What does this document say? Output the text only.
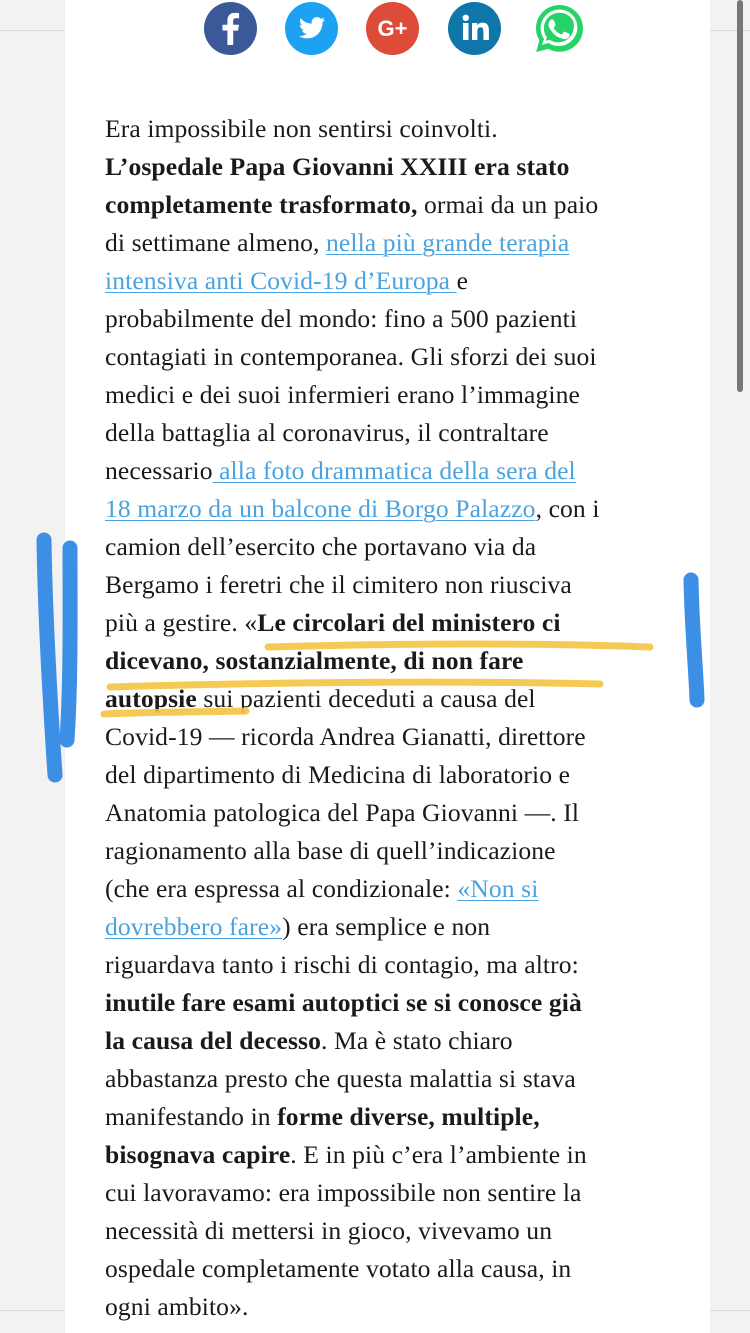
G+

Era impossibile non sentirsi coinvolti.
L’ospedale Papa Giovanni XXIII era stato
completamente trasformato, ormai da un paio
di settimane almeno, nella più grande terapia
intensiva anti Covid-19 d’Europa e
probabilmente del mondo: fino a 500 pazienti
contagiati in contemporanea. Gli sforzi dei suoi
medici e dei suoi infermieri erano l’immagine
della battaglia al coronavirus, il contraltare
necessario alla foto drammatica della sera del
18 marzo da un balcone di Borgo Palazzo, con i
camion dell’esercito che portavano via da
Bergamo i feretri che il cimitero non riusciva
più a gestire. «Le circolari del ministero ci
dicevano, sostanzialmente, di non fare
autopsie sui pazienti deceduti a causa del
Covid-19 — ricorda Andrea Gianatti, direttore
del dipartimento di Medicina di laboratorio e
Anatomia patologica del Papa Giovanni —. Il
ragionamento alla base di quell’indicazione
(che era espressa al condizionale: «Non si
dovrebbero fare») era semplice e non
riguardava tanto i rischi di contagio, ma altro:
inutile fare esami autoptici se si conosce già
la causa del decesso. Ma è stato chiaro
abbastanza presto che questa malattia si stava
manifestando in forme diverse, multiple,
bisognava capire. E in più c’era l’ambiente in
cui lavoravamo: era impossibile non sentire la
necessità di mettersi in gioco, vivevamo un
ospedale completamente votato alla causa, in
ogni ambito».
